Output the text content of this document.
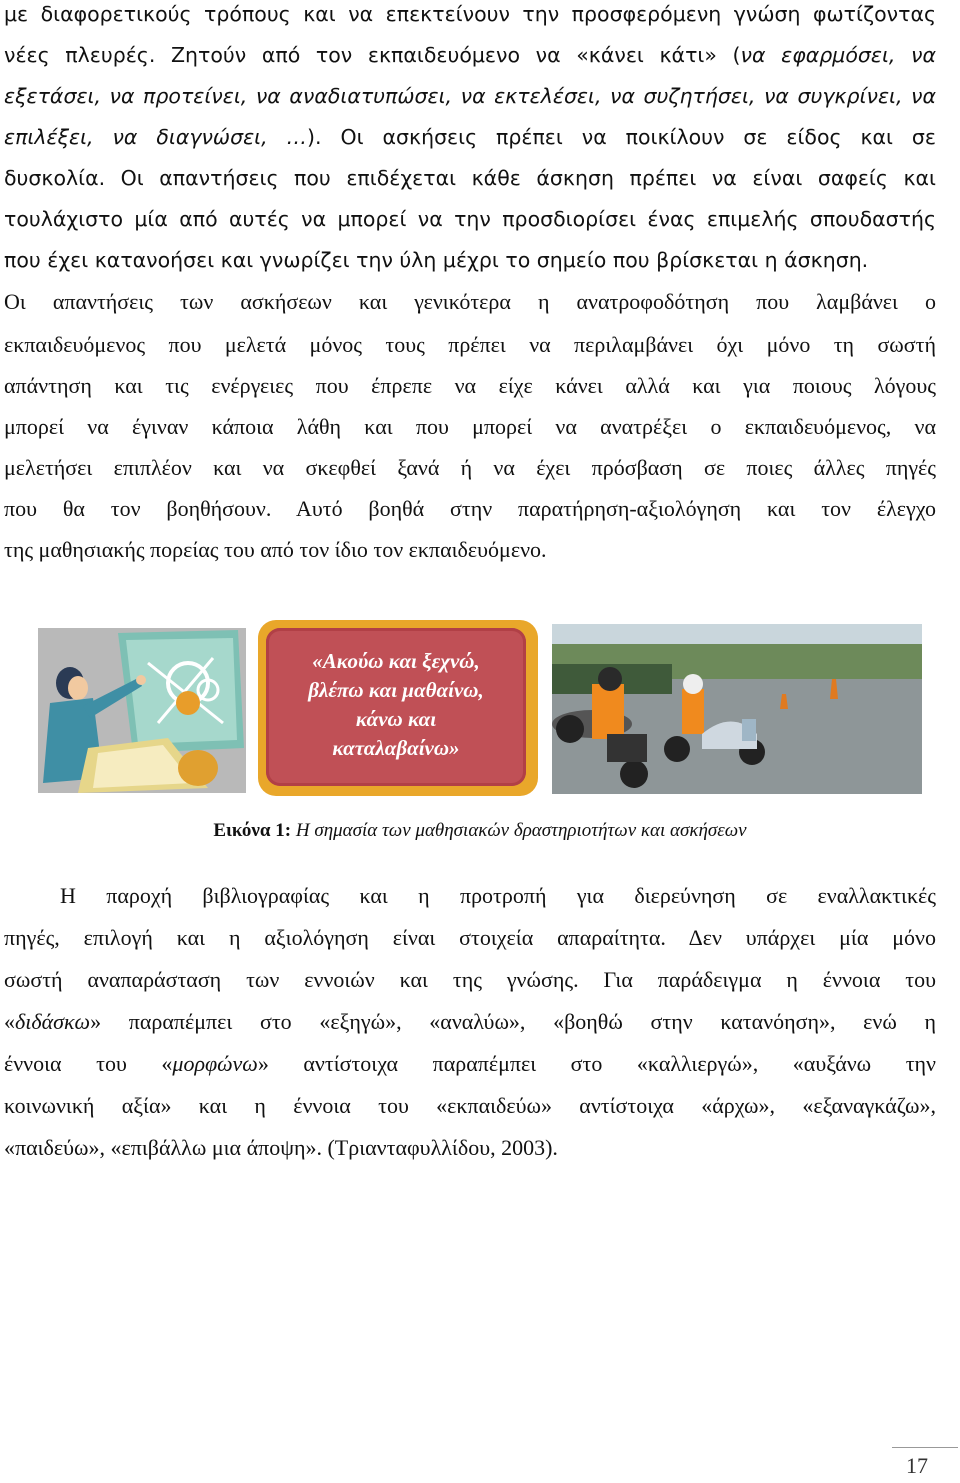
με διαφορετικούς τρόπους και να επεκτείνουν την προσφερόμενη γνώση φωτίζοντας
νέες πλευρές. Ζητούν από τον εκπαιδευόμενο να «κάνει κάτι» (να εφαρμόσει, να
εξετάσει, να προτείνει, να αναδιατυπώσει, να εκτελέσει, να συζητήσει, να συγκρίνει, να
επιλέξει, να διαγνώσει, …). Οι ασκήσεις πρέπει να ποικίλουν σε είδος και σε
δυσκολία. Οι απαντήσεις που επιδέχεται κάθε άσκηση πρέπει να είναι σαφείς και
τουλάχιστο μία από αυτές να μπορεί να την προσδιορίσει ένας επιμελής σπουδαστής
που έχει κατανοήσει και γνωρίζει την ύλη μέχρι το σημείο που βρίσκεται η άσκηση.
Οι απαντήσεις των ασκήσεων και γενικότερα η ανατροφοδότηση που λαμβάνει ο
εκπαιδευόμενος που μελετά μόνος τους πρέπει να περιλαμβάνει όχι μόνο τη σωστή
απάντηση και τις ενέργειες που έπρεπε να είχε κάνει αλλά και για ποιους λόγους
μπορεί να έγιναν κάποια λάθη και που μπορεί να ανατρέξει ο εκπαιδευόμενος, να
μελετήσει επιπλέον και να σκεφθεί ξανά ή να έχει πρόσβαση σε ποιες άλλες πηγές
που θα τον βοηθήσουν. Αυτό βοηθά στην παρατήρηση-αξιολόγηση και τον έλεγχο
της μαθησιακής πορείας του από τον ίδιο τον εκπαιδευόμενο.
«Ακούω και ξεχνώ,
βλέπω και μαθαίνω,
κάνω και
καταλαβαίνω»
Εικόνα 1: Η σημασία των μαθησιακών δραστηριοτήτων και ασκήσεων
Η παροχή βιβλιογραφίας και η προτροπή για διερεύνηση σε εναλλακτικές
πηγές, επιλογή και η αξιολόγηση είναι στοιχεία απαραίτητα. Δεν υπάρχει μία μόνο
σωστή αναπαράσταση των εννοιών και της γνώσης. Για παράδειγμα η έννοια του
«διδάσκω» παραπέμπει στο «εξηγώ», «αναλύω», «βοηθώ στην κατανόηση», ενώ η
έννοια του «μορφώνω» αντίστοιχα παραπέμπει στο «καλλιεργώ», «αυξάνω την
κοινωνική αξία» και η έννοια του «εκπαιδεύω» αντίστοιχα «άρχω», «εξαναγκάζω»,
«παιδεύω», «επιβάλλω μια άποψη». (Τριανταφυλλίδου, 2003).
17
